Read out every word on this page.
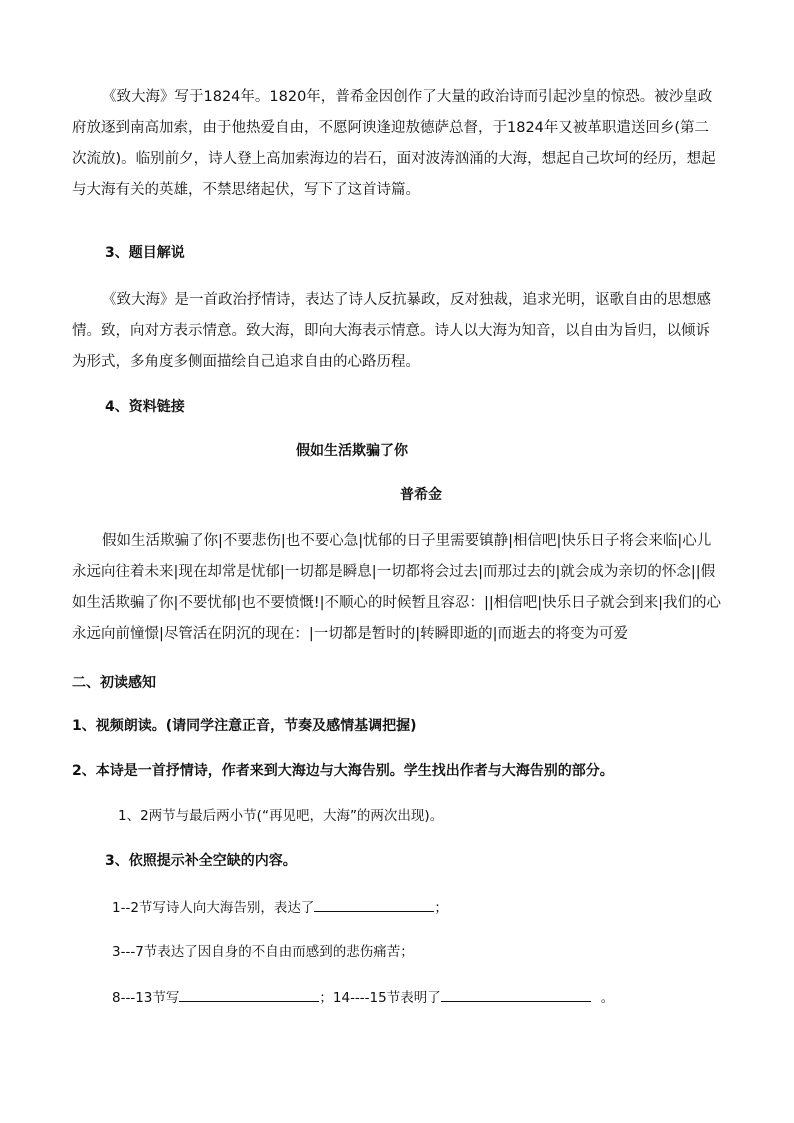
《致大海》写于1824年。1820年，普希金因创作了大量的政治诗而引起沙皇的惊恐。被沙皇政府放逐到南高加索，由于他热爱自由，不愿阿谀逢迎敖德萨总督，于1824年又被革职遣送回乡(第二次流放)。临别前夕，诗人登上高加索海边的岩石，面对波涛汹涌的大海，想起自己坎坷的经历，想起与大海有关的英雄，不禁思绪起伏，写下了这首诗篇。

3、题目解说

《致大海》是一首政治抒情诗，表达了诗人反抗暴政，反对独裁，追求光明，讴歌自由的思想感情。致，向对方表示情意。致大海，即向大海表示情意。诗人以大海为知音，以自由为旨归，以倾诉为形式，多角度多侧面描绘自己追求自由的心路历程。

4、资料链接

假如生活欺骗了你

普希金

假如生活欺骗了你|不要悲伤|也不要心急|忧郁的日子里需要镇静|相信吧|快乐日子将会来临|心儿永远向往着未来|现在却常是忧郁|一切都是瞬息|一切都将会过去|而那过去的|就会成为亲切的怀念||假如生活欺骗了你|不要忧郁|也不要愤慨!|不顺心的时候暂且容忍：||相信吧|快乐日子就会到来|我们的心永远向前憧憬|尽管活在阴沉的现在：|一切都是暂时的|转瞬即逝的|而逝去的将变为可爱

二、初读感知

1、视频朗读。(请同学注意正音，节奏及感情基调把握)

2、本诗是一首抒情诗，作者来到大海边与大海告别。学生找出作者与大海告别的部分。

1、2两节与最后两小节(“再见吧，大海”的两次出现)。

3、依照提示补全空缺的内容。

1--2节写诗人向大海告别，表达了	；

3---7节表达了因自身的不自由而感到的悲伤痛苦；

8---13节写	；14----15节表明了	。
